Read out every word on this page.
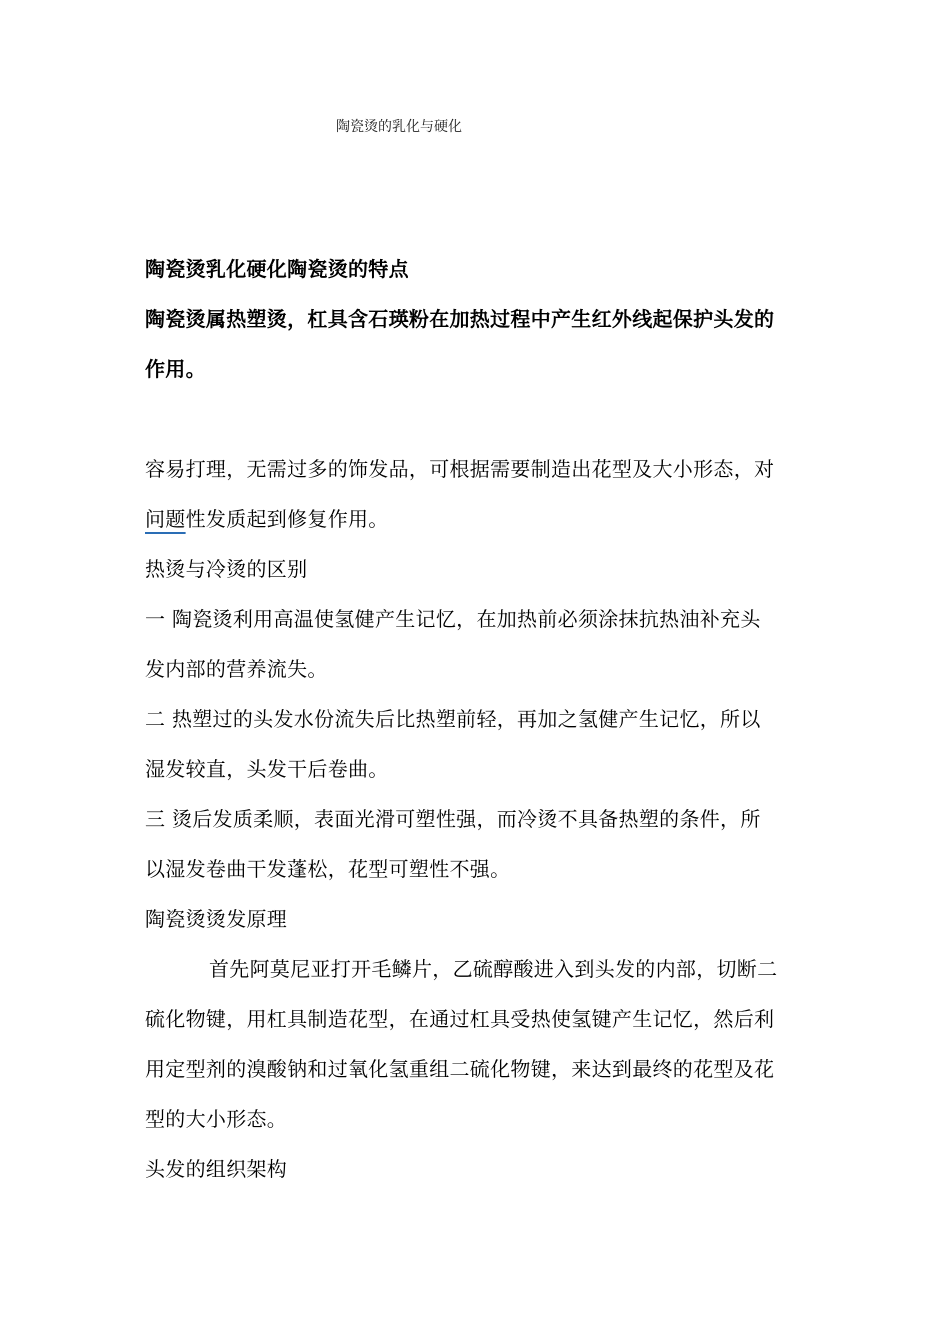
陶瓷烫的乳化与硬化
陶瓷烫乳化硬化陶瓷烫的特点
陶瓷烫属热塑烫，杠具含石瑛粉在加热过程中产生红外线起保护头发的
作用。
容易打理，无需过多的饰发品，可根据需要制造出花型及大小形态，对
问题性发质起到修复作用。
热烫与冷烫的区别
一 陶瓷烫利用高温使氢健产生记忆，在加热前必须涂抹抗热油补充头
发内部的营养流失。
二 热塑过的头发水份流失后比热塑前轻，再加之氢健产生记忆，所以
湿发较直，头发干后卷曲。
三 烫后发质柔顺，表面光滑可塑性强，而冷烫不具备热塑的条件，所
以湿发卷曲干发蓬松，花型可塑性不强。
陶瓷烫烫发原理
首先阿莫尼亚打开毛鳞片，乙硫醇酸进入到头发的内部，切断二
硫化物键，用杠具制造花型，在通过杠具受热使氢键产生记忆，然后利
用定型剂的溴酸钠和过氧化氢重组二硫化物键，来达到最终的花型及花
型的大小形态。
头发的组织架构
